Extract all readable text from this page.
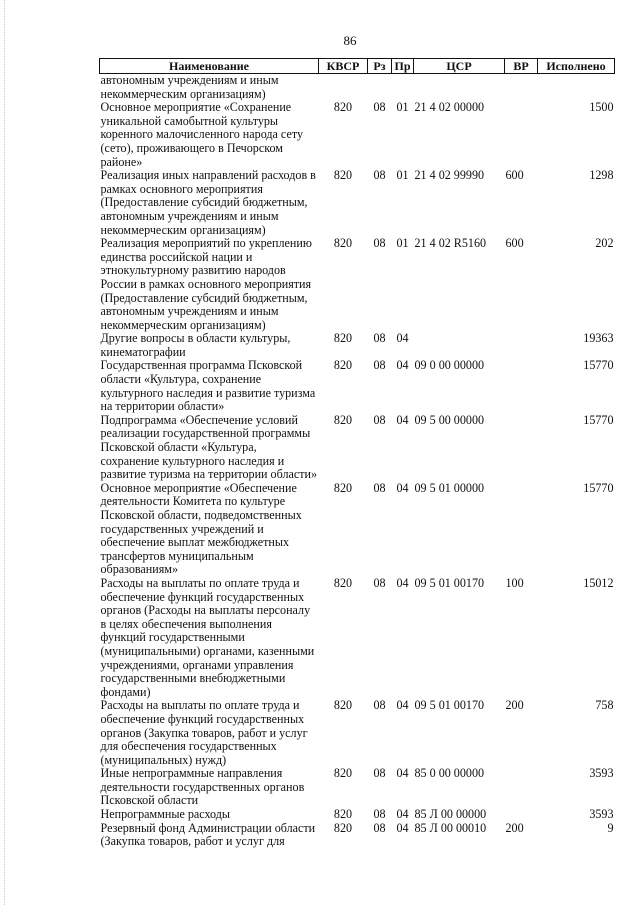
86
Наименование	КВСР	Рз	Пр	ЦСР	ВР	Исполнено
автономным учреждениям и иным некоммерческим организациям)						
Основное мероприятие «Сохранение уникальной самобытной культуры коренного малочисленного народа сету (сето), проживающего в Печорском районе»	820	08	01	21 4 02 00000		1500
Реализация иных направлений расходов в рамках основного мероприятия (Предоставление субсидий бюджетным, автономным учреждениям и иным некоммерческим организациям)	820	08	01	21 4 02 99990	600	1298
Реализация мероприятий по укреплению единства российской нации и этнокультурному развитию народов России в рамках основного мероприятия (Предоставление субсидий бюджетным, автономным учреждениям и иным некоммерческим организациям)	820	08	01	21 4 02 R5160	600	202
Другие вопросы в области культуры, кинематографии	820	08	04			19363
Государственная программа Псковской области «Культура, сохранение культурного наследия и развитие туризма на территории области»	820	08	04	09 0 00 00000		15770
Подпрограмма «Обеспечение условий реализации государственной программы Псковской области «Культура, сохранение культурного наследия и развитие туризма на территории области»	820	08	04	09 5 00 00000		15770
Основное мероприятие «Обеспечение деятельности Комитета по культуре Псковской области, подведомственных государственных учреждений и обеспечение выплат межбюджетных трансфертов муниципальным образованиям»	820	08	04	09 5 01 00000		15770
Расходы на выплаты по оплате труда и обеспечение функций государственных органов (Расходы на выплаты персоналу в целях обеспечения выполнения функций государственными (муниципальными) органами, казенными учреждениями, органами управления государственными внебюджетными фондами)	820	08	04	09 5 01 00170	100	15012
Расходы на выплаты по оплате труда и обеспечение функций государственных органов (Закупка товаров, работ и услуг для обеспечения государственных (муниципальных) нужд)	820	08	04	09 5 01 00170	200	758
Иные непрограммные направления деятельности государственных органов Псковской области	820	08	04	85 0 00 00000		3593
Непрограммные расходы	820	08	04	85 Л 00 00000		3593
Резервный фонд Администрации области (Закупка товаров, работ и услуг для	820	08	04	85 Л 00 00010	200	9
